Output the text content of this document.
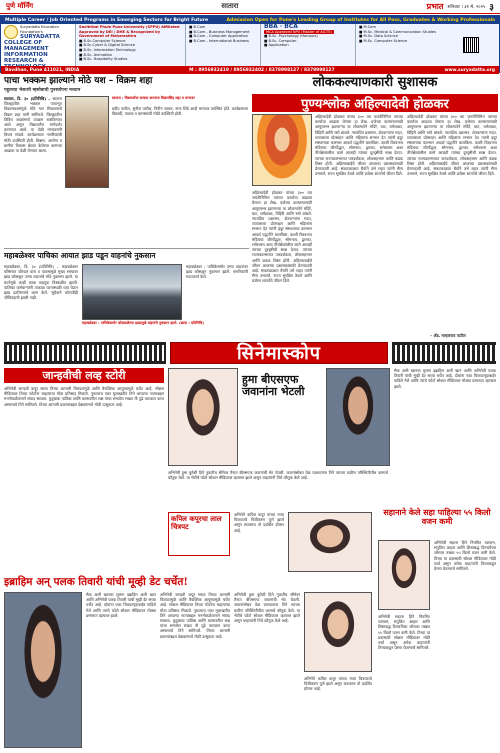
पुणे मॉर्निंग	सातारा	प्रभात शनिवार । ३१ मे, २०२५ ३
Multiple Career / Job Oriented Programs in Emerging Sectors for Bright Future	Admission Open for Pune's Leading Group of Institutes for All Pass, Graduates & Working Professionals
Suryadatta Education Foundation's
SURYADATTA COLLEGE OF MANAGEMENT INFORMATION RESEARCH &
Savitribai Phule Pune University (SPPU) Affiliated Approved by DEI / DHE & Recognized by Government of Maharashtra
■ B.Sc.Computer Science
■ B.Sc.Cyber & Digital Science
■ B.Sc. Information Technology
■ B.Sc. Animation
■ B.Sc. Hospitality Studies
■ B.Com
■ B.Com - Business Management
■ B.Com - Computer Application
■ B.Com - International Business
BBA · BCA
MCA Approved NPU (Master of AICTE)
■ B.Sc. Psychology (Honours)
■ B.Sc. Computer
■ Application
■ M.Com
■ M.Sc. Medical & Communication Studies
■ M.Sc. Data Science
■ M.Sc. Computer Science
Bavdhan, Pune 411021, INDIA	M : 8956932419 / 8956932402 / 8378998127 / 8378998127	www.suryadatta.org
पाचा भक्कम झाल्याने मोठे यश – विक्रम शहा
पहुतच्या भेसतरी म्हसोबाची पुनर्स्थापना मध्याम
सातारा, दि. ३० (प्रतिनिधि) – सातारा जिल्ह्यातील भक्कम पायाभूत विकासकामांमुळे मोठे यश मिळाल्याचे विक्रम शहा यांनी सांगितले. जिल्ह्यातील विविध शाळांमध्ये उपक्रम राबविण्यात आले असून विद्यार्थ्यांना मार्गदर्शन करण्यात आले. या वेळी मान्यवरांनी विचार मांडले. कार्यक्रमाला नागरिकांची मोठी उपस्थिती होती. शिक्षण, आरोग्य व ग्रामीण विकास क्षेत्रात केलेल्या कामाचा आढावा या वेळी घेण्यात आला.
सातारा : विद्यार्थ्यांचा सत्कार करताना विक्रमसिंह शहा व मान्यवर
प्रदीप पाटील, सुनील पाटील, नितीन जाधव, नाना शिंदे आदी मान्यवर उपस्थित होते. कार्यक्रमाला विद्यार्थी, पालक व ग्रामस्थांची मोठी उपस्थिती होती.
महाबळेश्वर पाचिका आयात झाड पडून वाहनांचे नुकसान
महाबळेश्वर, दि. ३० (प्रतिनिधि) – महाबळेश्वर परिसरात जोरदार वारा व पावसामुळे मुख्य रस्त्यावर झाड कोसळून उभ्या वाहनांचे मोठे नुकसान झाले. या घटनेमुळे काही काळ वाहतूक विस्कळीत झाली. पालिका कर्मचाऱ्यांनी तत्काळ घटनास्थळी धाव घेऊन झाड हटविण्याचे काम केले. सुदैवाने कोणतीही जीवितहानी झाली नाही.
महाबळेश्वर : पाचिकेसमोर कोसळलेल्या झाडामुळे वाहनांचे नुकसान झाले. (छाया : प्रतिनिधि)
महाबळेश्वर : पाचिकेसमोर उभ्या वाहनांवर झाड कोसळून नुकसान झाले. नागरिकांनी मदतकार्य केले.
लोककल्याणकारी सुशासक
पुण्यश्लोक अहिल्यादेवी होळकर
अहिल्यादेवी होळकर यांच्या ३०० व्या जयंतीनिमित्त त्यांच्या कार्याचा आढावा घेणारा हा लेख. प्रजेच्या कल्याणासाठी आयुष्यभर झटणाऱ्या या लोकमातेने मंदिरे, घाट, धर्मशाळा, विहिरी आणि रस्ते बांधले. न्यायप्रिय प्रशासन, शेतकऱ्यांना मदत, व्यापाराला प्रोत्साहन आणि महिलांना सन्मान देत त्यांनी इंदूर संस्थानाचा कारभार आदर्श पद्धतीने चालविला. काशी विश्वनाथ मंदिराचा जीर्णोद्धार, सोमनाथ, द्वारका, रामेश्वरम अशा तीर्थक्षेत्रांवरील कामे आजही त्यांच्या दूरदृष्टीची साक्ष देतात. त्यांच्या राज्यकारभारात पारदर्शकता, लोकसहभाग आणि कडक शिस्त होती. अहिल्याबाईंचे जीवन आजच्या प्रशासकांसाठी प्रेरणादायी आहे. संकटकाळात धैर्याने उभे राहत त्यांनी सैन्य उभारले, राज्य सुरक्षित ठेवले आणि प्रजेला शांततेचे जीवन दिले.
अहिल्यादेवी होळकर यांच्या ३०० व्या जयंतीनिमित्त त्यांच्या कार्याचा आढावा घेणारा हा लेख. प्रजेच्या कल्याणासाठी आयुष्यभर झटणाऱ्या या लोकमातेने मंदिरे, घाट, धर्मशाळा, विहिरी आणि रस्ते बांधले. न्यायप्रिय प्रशासन, शेतकऱ्यांना मदत, व्यापाराला प्रोत्साहन आणि महिलांना सन्मान देत त्यांनी इंदूर संस्थानाचा कारभार आदर्श पद्धतीने चालविला. काशी विश्वनाथ मंदिराचा जीर्णोद्धार, सोमनाथ, द्वारका, रामेश्वरम अशा तीर्थक्षेत्रांवरील कामे आजही त्यांच्या दूरदृष्टीची साक्ष देतात. त्यांच्या राज्यकारभारात पारदर्शकता, लोकसहभाग आणि कडक शिस्त होती. अहिल्याबाईंचे जीवन आजच्या प्रशासकांसाठी प्रेरणादायी आहे. संकटकाळात धैर्याने उभे राहत त्यांनी सैन्य उभारले, राज्य सुरक्षित ठेवले आणि प्रजेला शांततेचे जीवन दिले.
अहिल्यादेवी होळकर यांच्या ३०० व्या जयंतीनिमित्त त्यांच्या कार्याचा आढावा घेणारा हा लेख. प्रजेच्या कल्याणासाठी आयुष्यभर झटणाऱ्या या लोकमातेने मंदिरे, घाट, धर्मशाळा, विहिरी आणि रस्ते बांधले. न्यायप्रिय प्रशासन, शेतकऱ्यांना मदत, व्यापाराला प्रोत्साहन आणि महिलांना सन्मान देत त्यांनी इंदूर संस्थानाचा कारभार आदर्श पद्धतीने चालविला. काशी विश्वनाथ मंदिराचा जीर्णोद्धार, सोमनाथ, द्वारका, रामेश्वरम अशा तीर्थक्षेत्रांवरील कामे आजही त्यांच्या दूरदृष्टीची साक्ष देतात. त्यांच्या राज्यकारभारात पारदर्शकता, लोकसहभाग आणि कडक शिस्त होती. अहिल्याबाईंचे जीवन आजच्या प्रशासकांसाठी प्रेरणादायी आहे. संकटकाळात धैर्याने उभे राहत त्यांनी सैन्य उभारले, राज्य सुरक्षित ठेवले आणि प्रजेला शांततेचे जीवन दिले.
– ॲड. मल्हारराव पाटील
सिनेमास्कोप
जान्हवीची लव्ह स्टोरी
अभिनेत्री जान्हवी कपूर सध्या तिच्या आगामी चित्रपटांमुळे आणि वैयक्तिक आयुष्यामुळे चर्चेत आहे. सोशल मीडियावर तिच्या फोटोंना चाहत्यांचा मोठा प्रतिसाद मिळतो. नुकत्याच एका मुलाखतीत तिने आपल्या नात्याबद्दल मनमोकळेपणाने संवाद साधला. कुटुंबाचा पाठिंबा आणि कामावरील लक्ष यांचा समतोल राखत ती पुढे वाटचाल करत असल्याचे तिने सांगितले. तिच्या आगामी प्रकल्पांबद्दल प्रेक्षकांमध्ये मोठी उत्सुकता आहे.
हुमा बीएसएफ जवानांना भेटली
अभिनेत्री हुमा कुरेशी हिने नुकतीच सीमेवर तैनात बीएसएफ जवानांची भेट घेतली. जवानांसोबत वेळ घालवताना तिने त्यांच्या कठीण परिस्थितीतील कामाचे कौतुक केले. या भेटीचे फोटो सोशल मीडियावर व्हायरल झाले असून चाहत्यांनी तिचे कौतुक केले आहे.
सैफ अली खानचा मुलगा इब्राहिम अली खान आणि अभिनेत्री पलक तिवारी यांची मूव्ही डेट सध्या चर्चेत आहे. दोघांना एका चित्रपटगृहाबाहेर पाहिले गेले आणि त्यांचे फोटो सोशल मीडियावर मोठ्या प्रमाणात व्हायरल झाले.
कपिल कपूरचा लाल चित्रपट
अभिनेते कपिल कपूर यांच्या नव्या चित्रपटाचे चित्रीकरण पूर्ण झाले असून लवकरच तो प्रदर्शित होणार आहे.
सहानाने केले सहा पाहिल्या ५५ किलो वजन कमी
अभिनेत्री सहाना हिने नियमित व्यायाम, संतुलित आहार आणि शिस्तबद्ध दिनचर्येच्या जोरावर तब्बल ५५ किलो वजन कमी केले. तिच्या या प्रवासाची सोशल मीडियावर मोठी चर्चा असून अनेक चाहत्यांनी तिच्याकडून प्रेरणा घेतल्याचे सांगितले.
इब्राहिम अन् पलक तिवारी यांची मूव्ही डेट चर्चेत!
सैफ अली खानचा मुलगा इब्राहिम अली खान आणि अभिनेत्री पलक तिवारी यांची मूव्ही डेट सध्या चर्चेत आहे. दोघांना एका चित्रपटगृहाबाहेर पाहिले गेले आणि त्यांचे फोटो सोशल मीडियावर मोठ्या प्रमाणात व्हायरल झाले.
अभिनेत्री जान्हवी कपूर सध्या तिच्या आगामी चित्रपटांमुळे आणि वैयक्तिक आयुष्यामुळे चर्चेत आहे. सोशल मीडियावर तिच्या फोटोंना चाहत्यांचा मोठा प्रतिसाद मिळतो. नुकत्याच एका मुलाखतीत तिने आपल्या नात्याबद्दल मनमोकळेपणाने संवाद साधला. कुटुंबाचा पाठिंबा आणि कामावरील लक्ष यांचा समतोल राखत ती पुढे वाटचाल करत असल्याचे तिने सांगितले. तिच्या आगामी प्रकल्पांबद्दल प्रेक्षकांमध्ये मोठी उत्सुकता आहे.
अभिनेत्री हुमा कुरेशी हिने नुकतीच सीमेवर तैनात बीएसएफ जवानांची भेट घेतली. जवानांसोबत वेळ घालवताना तिने त्यांच्या कठीण परिस्थितीतील कामाचे कौतुक केले. या भेटीचे फोटो सोशल मीडियावर व्हायरल झाले असून चाहत्यांनी तिचे कौतुक केले आहे.
अभिनेते कपिल कपूर यांच्या नव्या चित्रपटाचे चित्रीकरण पूर्ण झाले असून लवकरच तो प्रदर्शित होणार आहे.
अभिनेत्री सहाना हिने नियमित व्यायाम, संतुलित आहार आणि शिस्तबद्ध दिनचर्येच्या जोरावर तब्बल ५५ किलो वजन कमी केले. तिच्या या प्रवासाची सोशल मीडियावर मोठी चर्चा असून अनेक चाहत्यांनी तिच्याकडून प्रेरणा घेतल्याचे सांगितले.
